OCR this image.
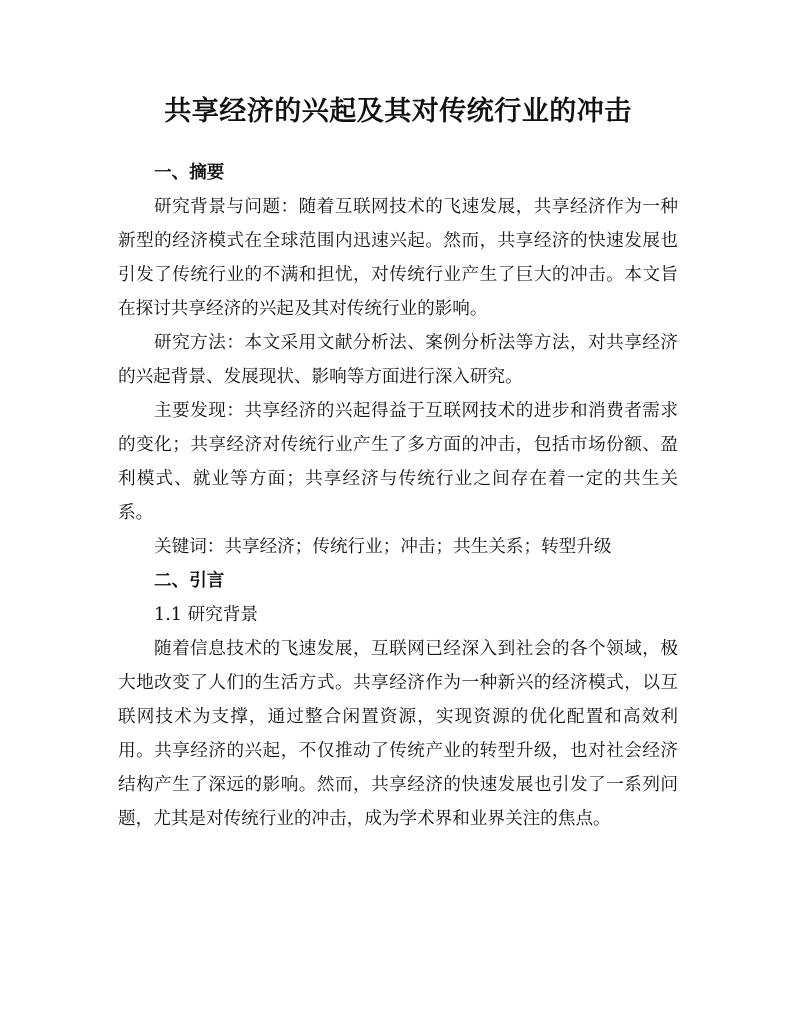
共享经济的兴起及其对传统行业的冲击
一、摘要

研究背景与问题：随着互联网技术的飞速发展，共享经济作为一种新型的经济模式在全球范围内迅速兴起。然而，共享经济的快速发展也引发了传统行业的不满和担忧，对传统行业产生了巨大的冲击。本文旨在探讨共享经济的兴起及其对传统行业的影响。

研究方法：本文采用文献分析法、案例分析法等方法，对共享经济的兴起背景、发展现状、影响等方面进行深入研究。

主要发现：共享经济的兴起得益于互联网技术的进步和消费者需求的变化；共享经济对传统行业产生了多方面的冲击，包括市场份额、盈利模式、就业等方面；共享经济与传统行业之间存在着一定的共生关系。

关键词：共享经济；传统行业；冲击；共生关系；转型升级

二、引言
1.1 研究背景

随着信息技术的飞速发展，互联网已经深入到社会的各个领域，极大地改变了人们的生活方式。共享经济作为一种新兴的经济模式，以互联网技术为支撑，通过整合闲置资源，实现资源的优化配置和高效利用。共享经济的兴起，不仅推动了传统产业的转型升级，也对社会经济结构产生了深远的影响。然而，共享经济的快速发展也引发了一系列问题，尤其是对传统行业的冲击，成为学术界和业界关注的焦点。
